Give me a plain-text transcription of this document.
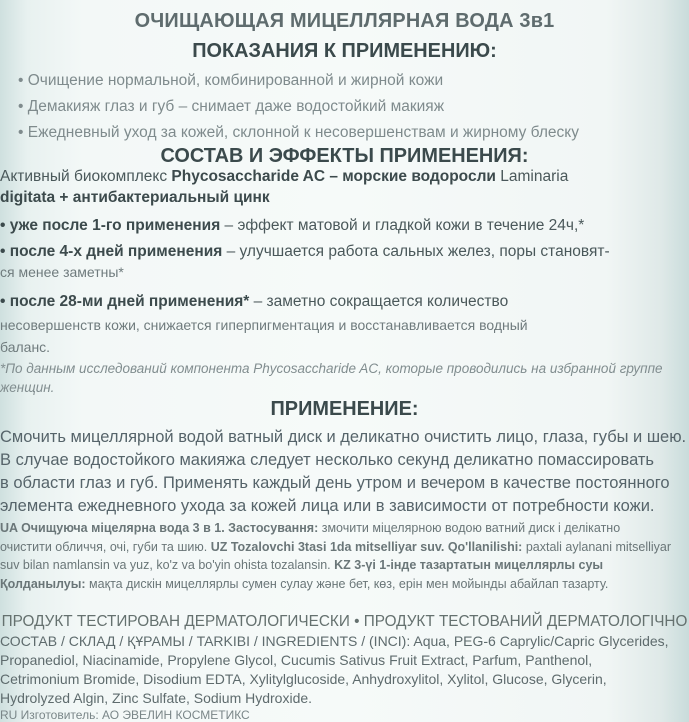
ОЧИЩАЮЩАЯ МИЦЕЛЛЯРНАЯ ВОДА 3в1
ПОКАЗАНИЯ К ПРИМЕНЕНИЮ:
• Очищение нормальной, комбинированной и жирной кожи
• Демакияж глаз и губ – снимает даже водостойкий макияж
• Ежедневный уход за кожей, склонной к несовершенствам и жирному блеску
СОСТАВ И ЭФФЕКТЫ ПРИМЕНЕНИЯ:
Активный биокомплекс Phycosaccharide AC – морские водоросли Laminaria
digitata + антибактериальный цинк
• уже после 1-го применения – эффект матовой и гладкой кожи в течение 24ч,*
• после 4-х дней применения – улучшается работа сальных желез, поры становят-
ся менее заметны*
• после 28-ми дней применения* – заметно сокращается количество
несовершенств кожи, снижается гиперпигментация и восстанавливается водный
баланс.
*По данным исследований компонента Phycosaccharide AC, которые проводились на избранной группе
женщин.
ПРИМЕНЕНИЕ:
Смочить мицеллярной водой ватный диск и деликатно очистить лицо, глаза, губы и шею.
В случае водостойкого макияжа следует несколько секунд деликатно помассировать
в области глаз и губ. Применять каждый день утром и вечером в качестве постоянного
элемента ежедневного ухода за кожей лица или в зависимости от потребности кожи.
UA Очищуюча міцелярна вода 3 в 1. Застосування: змочити міцелярною водою ватний диск і делікатно
очистити обличчя, очі, губи та шию. UZ Tozalovchi 3tasi 1da mitselliyar suv. Qo'llanilishi: paxtali aylanani mitselliyar
suv bilan namlansin va yuz, ko'z va bo'yin ohista tozalansin. KZ 3-үі 1-інде тазартатын мицеллярлы суы
Қолданылуы: мақта дискін мицеллярлы сумен сулау және бет, көз, ерін мен мойынды абайлап тазарту.
ПРОДУКТ ТЕСТИРОВАН ДЕРМАТОЛОГИЧЕСКИ • ПРОДУКТ ТЕСТОВАНИЙ ДЕРМАТОЛОГІЧНО
СОСТАВ / СКЛАД / ҚҰРАМЫ / TARKIBI / INGREDIENTS / (INCI): Aqua, PEG-6 Caprylic/Capric Glycerides,
Propanediol, Niacinamide, Propylene Glycol, Cucumis Sativus Fruit Extract, Parfum, Panthenol,
Cetrimonium Bromide, Disodium EDTA, Xylitylglucoside, Anhydroxylitol, Xylitol, Glucose, Glycerin,
Hydrolyzed Algin, Zinc Sulfate, Sodium Hydroxide.
RU Изготовитель: АО ЭВЕЛИН КОСМЕТИКС
